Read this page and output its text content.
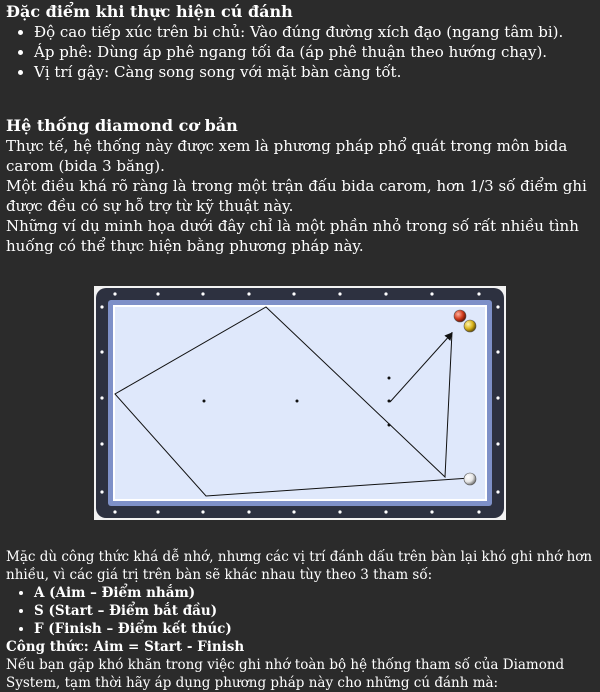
Đặc điểm khi thực hiện cú đánh
• Độ cao tiếp xúc trên bi chủ: Vào đúng đường xích đạo (ngang tâm bi).
• Áp phê: Dùng áp phê ngang tối đa (áp phê thuận theo hướng chạy).
• Vị trí gậy: Càng song song với mặt bàn càng tốt.
Hệ thống diamond cơ bản

Thực tế, hệ thống này được xem là phương pháp phổ quát trong môn bida carom (bida 3 băng).

Một điều khá rõ ràng là trong một trận đấu bida carom, hơn 1/3 số điểm ghi được đều có sự hỗ trợ từ kỹ thuật này.

Những ví dụ minh họa dưới đây chỉ là một phần nhỏ trong số rất nhiều tình huống có thể thực hiện bằng phương pháp này.

Mặc dù công thức khá dễ nhớ, nhưng các vị trí đánh dấu trên bàn lại khó ghi nhớ hơn nhiều, vì các giá trị trên bàn sẽ khác nhau tùy theo 3 tham số:

• A (Aim – Điểm nhắm)
• S (Start – Điểm bắt đầu)
• F (Finish – Điểm kết thúc)

Công thức: Aim = Start - Finish

Nếu bạn gặp khó khăn trong việc ghi nhớ toàn bộ hệ thống tham số của Diamond System, tạm thời hãy áp dụng phương pháp này cho những cú đánh mà:
